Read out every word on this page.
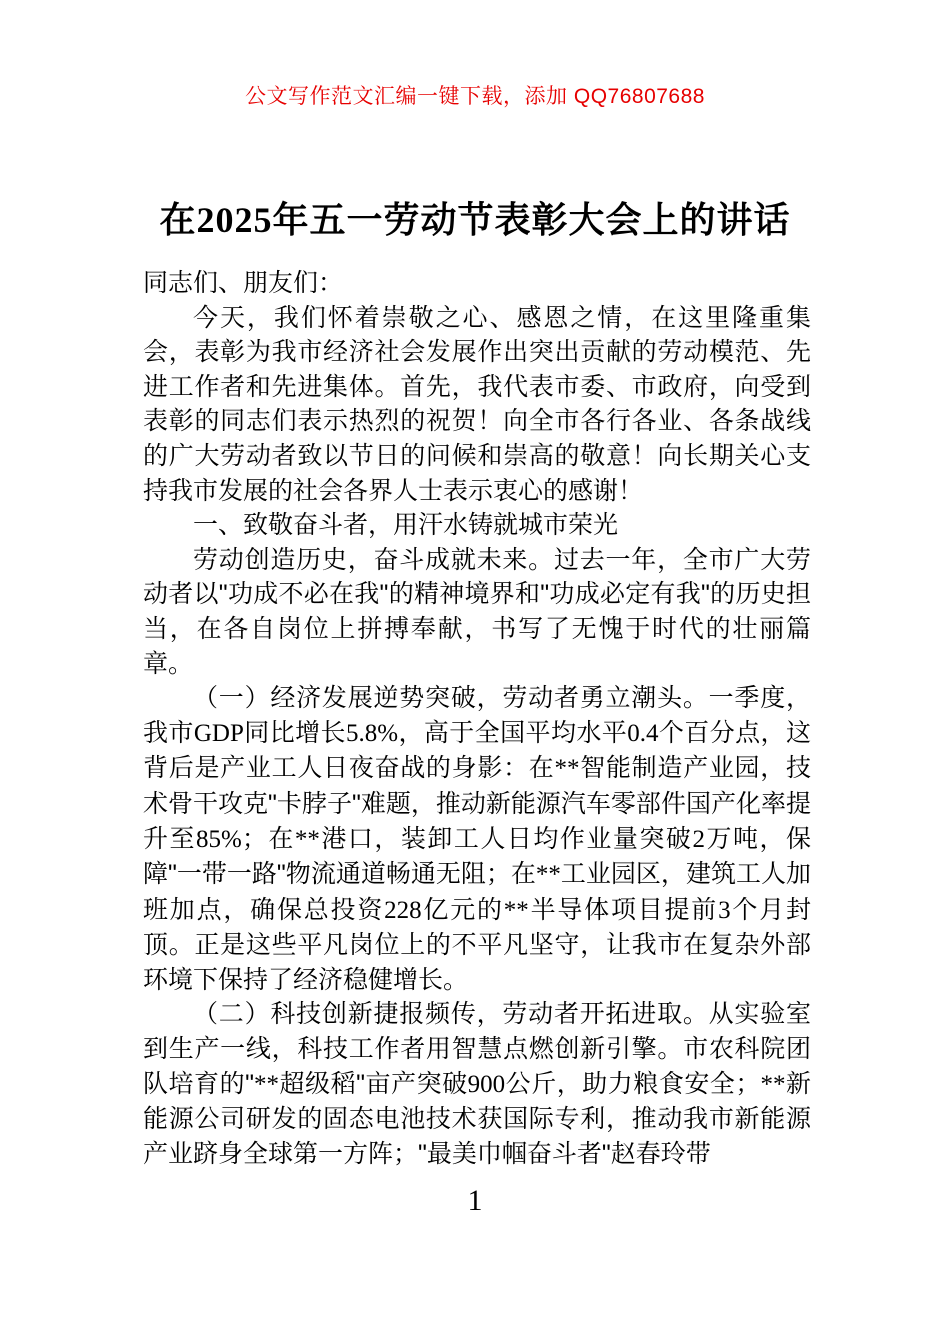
公文写作范文汇编一键下载，添加 QQ76807688
在2025年五一劳动节表彰大会上的讲话

同志们、朋友们：

今天，我们怀着崇敬之心、感恩之情，在这里隆重集会，表彰为我市经济社会发展作出突出贡献的劳动模范、先进工作者和先进集体。首先，我代表市委、市政府，向受到表彰的同志们表示热烈的祝贺！向全市各行各业、各条战线的广大劳动者致以节日的问候和崇高的敬意！向长期关心支持我市发展的社会各界人士表示衷心的感谢！

一、致敬奋斗者，用汗水铸就城市荣光

劳动创造历史，奋斗成就未来。过去一年，全市广大劳动者以"功成不必在我"的精神境界和"功成必定有我"的历史担当，在各自岗位上拼搏奉献，书写了无愧于时代的壮丽篇章。

（一）经济发展逆势突破，劳动者勇立潮头。一季度，我市GDP同比增长5.8%，高于全国平均水平0.4个百分点，这背后是产业工人日夜奋战的身影：在**智能制造产业园，技术骨干攻克"卡脖子"难题，推动新能源汽车零部件国产化率提升至85%；在**港口，装卸工人日均作业量突破2万吨，保障"一带一路"物流通道畅通无阻；在**工业园区，建筑工人加班加点，确保总投资228亿元的**半导体项目提前3个月封顶。正是这些平凡岗位上的不平凡坚守，让我市在复杂外部环境下保持了经济稳健增长。

（二）科技创新捷报频传，劳动者开拓进取。从实验室到生产一线，科技工作者用智慧点燃创新引擎。市农科院团队培育的"**超级稻"亩产突破900公斤，助力粮食安全；**新能源公司研发的固态电池技术获国际专利，推动我市新能源产业跻身全球第一方阵；"最美巾帼奋斗者"赵春玲带

1
